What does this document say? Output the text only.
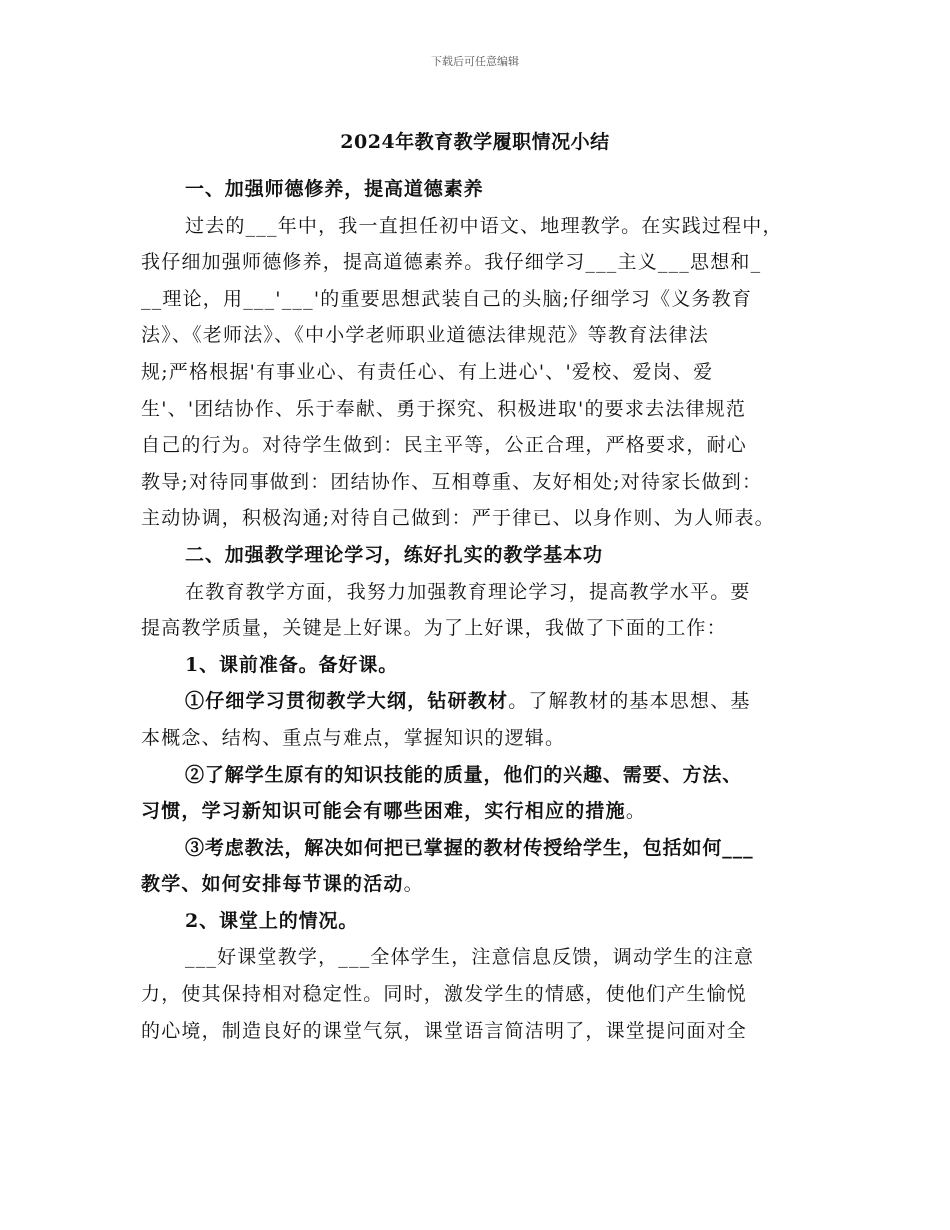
下载后可任意编辑
2024年教育教学履职情况小结
一、加强师德修养，提高道德素养
过去的___年中，我一直担任初中语文、地理教学。在实践过程中，
我仔细加强师德修养，提高道德素养。我仔细学习___主义___思想和_
__理论，用___'___'的重要思想武装自己的头脑;仔细学习《义务教育
法》、《老师法》、《中小学老师职业道德法律规范》等教育法律法
规;严格根据'有事业心、有责任心、有上进心'、'爱校、爱岗、爱
生'、'团结协作、乐于奉献、勇于探究、积极进取'的要求去法律规范
自己的行为。对待学生做到：民主平等，公正合理，严格要求，耐心
教导;对待同事做到：团结协作、互相尊重、友好相处;对待家长做到：
主动协调，积极沟通;对待自己做到：严于律已、以身作则、为人师表。
二、加强教学理论学习，练好扎实的教学基本功
在教育教学方面，我努力加强教育理论学习，提高教学水平。要
提高教学质量，关键是上好课。为了上好课，我做了下面的工作：
1、课前准备。备好课。
①仔细学习贯彻教学大纲，钻研教材。了解教材的基本思想、基
本概念、结构、重点与难点，掌握知识的逻辑。
②了解学生原有的知识技能的质量，他们的兴趣、需要、方法、
习惯，学习新知识可能会有哪些困难，实行相应的措施。
③考虑教法，解决如何把已掌握的教材传授给学生，包括如何___
教学、如何安排每节课的活动。
2、课堂上的情况。
___好课堂教学，___全体学生，注意信息反馈，调动学生的注意
力，使其保持相对稳定性。同时，激发学生的情感，使他们产生愉悦
的心境，制造良好的课堂气氛，课堂语言简洁明了，课堂提问面对全
